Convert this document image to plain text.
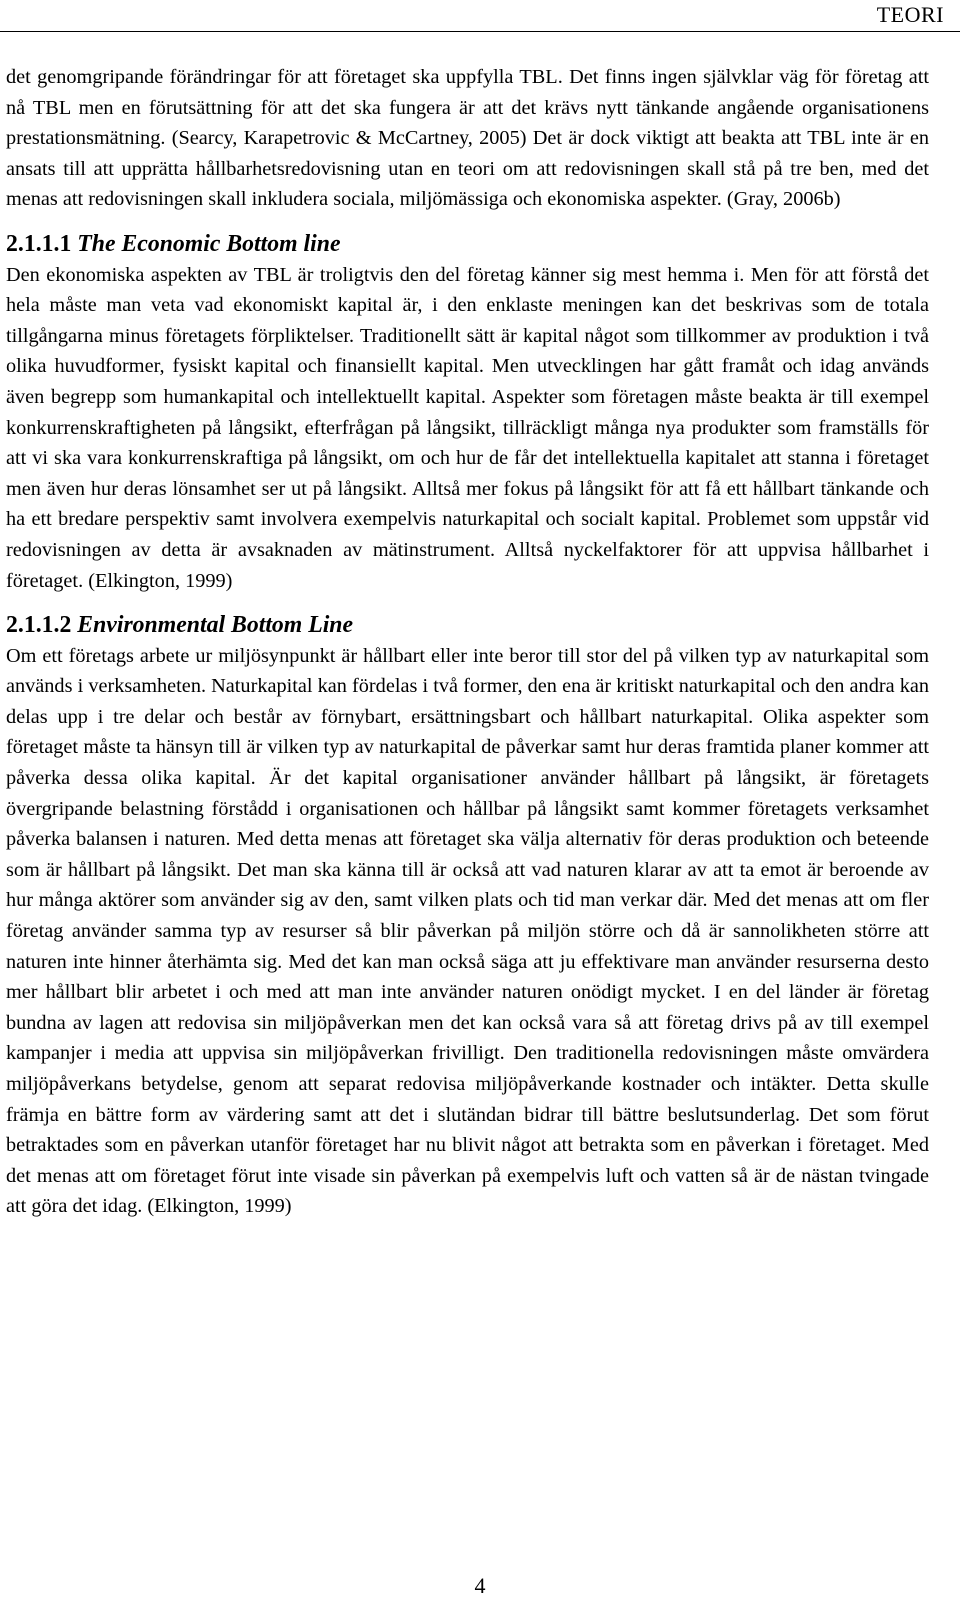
TEORI

det genomgripande förändringar för att företaget ska uppfylla TBL. Det finns ingen självklar väg för företag att nå TBL men en förutsättning för att det ska fungera är att det krävs nytt tänkande angående organisationens prestationsmätning. (Searcy, Karapetrovic & McCartney, 2005) Det är dock viktigt att beakta att TBL inte är en ansats till att upprätta hållbarhetsredovisning utan en teori om att redovisningen skall stå på tre ben, med det menas att redovisningen skall inkludera sociala, miljömässiga och ekonomiska aspekter. (Gray, 2006b)

2.1.1.1 The Economic Bottom line

Den ekonomiska aspekten av TBL är troligtvis den del företag känner sig mest hemma i. Men för att förstå det hela måste man veta vad ekonomiskt kapital är, i den enklaste meningen kan det beskrivas som de totala tillgångarna minus företagets förpliktelser. Traditionellt sätt är kapital något som tillkommer av produktion i två olika huvudformer, fysiskt kapital och finansiellt kapital. Men utvecklingen har gått framåt och idag används även begrepp som humankapital och intellektuellt kapital. Aspekter som företagen måste beakta är till exempel konkurrenskraftigheten på långsikt, efterfrågan på långsikt, tillräckligt många nya produkter som framställs för att vi ska vara konkurrenskraftiga på långsikt, om och hur de får det intellektuella kapitalet att stanna i företaget men även hur deras lönsamhet ser ut på långsikt. Alltså mer fokus på långsikt för att få ett hållbart tänkande och ha ett bredare perspektiv samt involvera exempelvis naturkapital och socialt kapital. Problemet som uppstår vid redovisningen av detta är avsaknaden av mätinstrument. Alltså nyckelfaktorer för att uppvisa hållbarhet i företaget. (Elkington, 1999)

2.1.1.2 Environmental Bottom Line

Om ett företags arbete ur miljösynpunkt är hållbart eller inte beror till stor del på vilken typ av naturkapital som används i verksamheten. Naturkapital kan fördelas i två former, den ena är kritiskt naturkapital och den andra kan delas upp i tre delar och består av förnybart, ersättningsbart och hållbart naturkapital. Olika aspekter som företaget måste ta hänsyn till är vilken typ av naturkapital de påverkar samt hur deras framtida planer kommer att påverka dessa olika kapital. Är det kapital organisationer använder hållbart på långsikt, är företagets övergripande belastning förstådd i organisationen och hållbar på långsikt samt kommer företagets verksamhet påverka balansen i naturen. Med detta menas att företaget ska välja alternativ för deras produktion och beteende som är hållbart på långsikt. Det man ska känna till är också att vad naturen klarar av att ta emot är beroende av hur många aktörer som använder sig av den, samt vilken plats och tid man verkar där. Med det menas att om fler företag använder samma typ av resurser så blir påverkan på miljön större och då är sannolikheten större att naturen inte hinner återhämta sig. Med det kan man också säga att ju effektivare man använder resurserna desto mer hållbart blir arbetet i och med att man inte använder naturen onödigt mycket. I en del länder är företag bundna av lagen att redovisa sin miljöpåverkan men det kan också vara så att företag drivs på av till exempel kampanjer i media att uppvisa sin miljöpåverkan frivilligt. Den traditionella redovisningen måste omvärdera miljöpåverkans betydelse, genom att separat redovisa miljöpåverkande kostnader och intäkter. Detta skulle främja en bättre form av värdering samt att det i slutändan bidrar till bättre beslutsunderlag. Det som förut betraktades som en påverkan utanför företaget har nu blivit något att betrakta som en påverkan i företaget. Med det menas att om företaget förut inte visade sin påverkan på exempelvis luft och vatten så är de nästan tvingade att göra det idag. (Elkington, 1999)

4
